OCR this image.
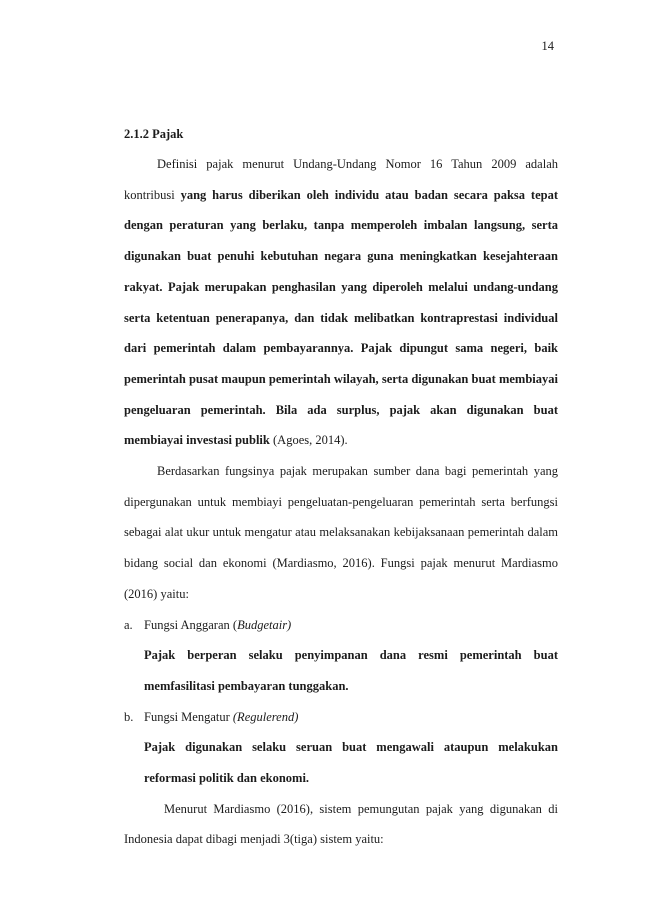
14

2.1.2 Pajak

Definisi pajak menurut Undang-Undang Nomor 16 Tahun 2009 adalah kontribusi yang harus diberikan oleh individu atau badan secara paksa tepat dengan peraturan yang berlaku, tanpa memperoleh imbalan langsung, serta digunakan buat penuhi kebutuhan negara guna meningkatkan kesejahteraan rakyat. Pajak merupakan penghasilan yang diperoleh melalui undang-undang serta ketentuan penerapanya, dan tidak melibatkan kontraprestasi individual dari pemerintah dalam pembayarannya. Pajak dipungut sama negeri, baik pemerintah pusat maupun pemerintah wilayah, serta digunakan buat membiayai pengeluaran pemerintah. Bila ada surplus, pajak akan digunakan buat membiayai investasi publik (Agoes, 2014).

Berdasarkan fungsinya pajak merupakan sumber dana bagi pemerintah yang dipergunakan untuk membiayi pengeluatan-pengeluaran pemerintah serta berfungsi sebagai alat ukur untuk mengatur atau melaksanakan kebijaksanaan pemerintah dalam bidang social dan ekonomi (Mardiasmo, 2016). Fungsi pajak menurut Mardiasmo (2016) yaitu:

a. Fungsi Anggaran (Budgetair)

Pajak berperan selaku penyimpanan dana resmi pemerintah buat memfasilitasi pembayaran tunggakan.

b. Fungsi Mengatur (Regulerend)

Pajak digunakan selaku seruan buat mengawali ataupun melakukan reformasi politik dan ekonomi.

Menurut Mardiasmo (2016), sistem pemungutan pajak yang digunakan di Indonesia dapat dibagi menjadi 3(tiga) sistem yaitu:
